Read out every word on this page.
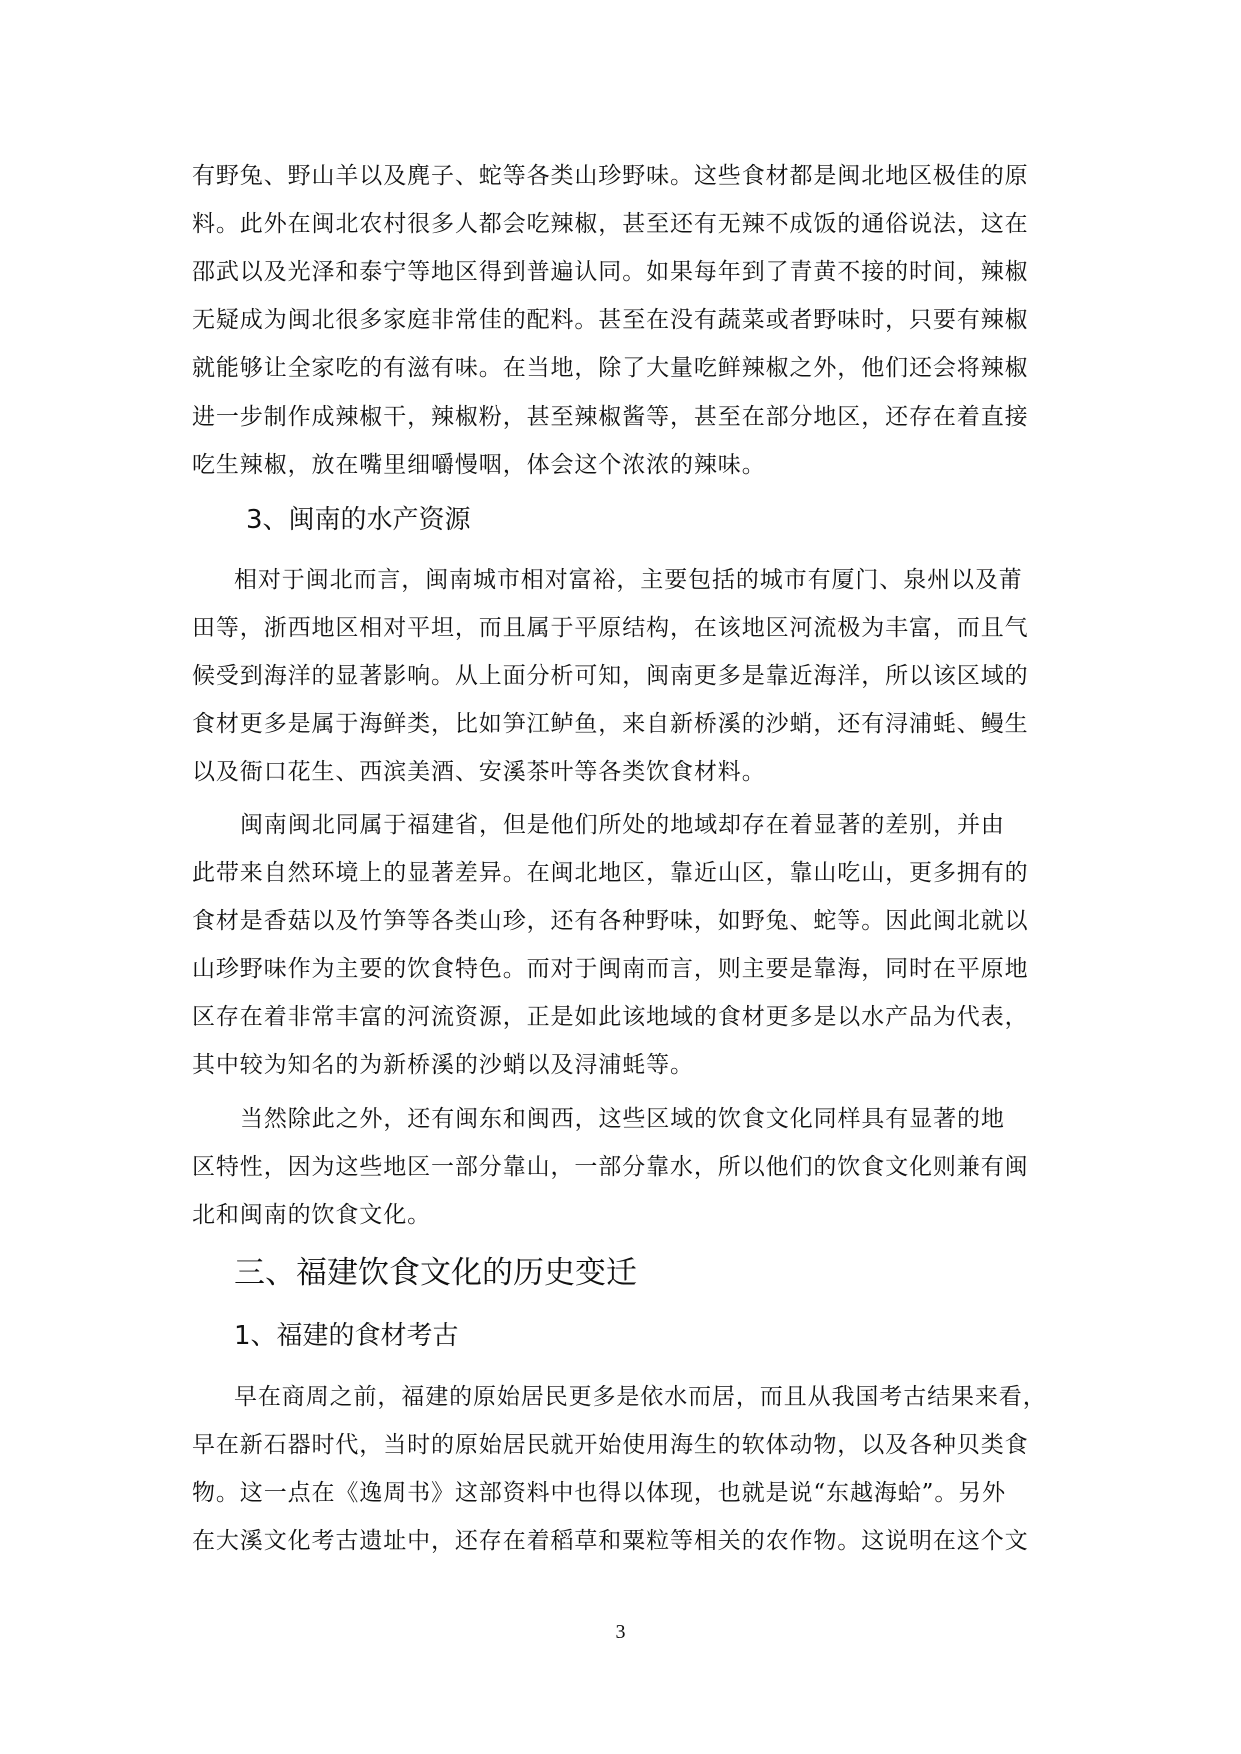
有野兔、野山羊以及麂子、蛇等各类山珍野味。这些食材都是闽北地区极佳的原
料。此外在闽北农村很多人都会吃辣椒，甚至还有无辣不成饭的通俗说法，这在
邵武以及光泽和泰宁等地区得到普遍认同。如果每年到了青黄不接的时间，辣椒
无疑成为闽北很多家庭非常佳的配料。甚至在没有蔬菜或者野味时，只要有辣椒
就能够让全家吃的有滋有味。在当地，除了大量吃鲜辣椒之外，他们还会将辣椒
进一步制作成辣椒干，辣椒粉，甚至辣椒酱等，甚至在部分地区，还存在着直接
吃生辣椒，放在嘴里细嚼慢咽，体会这个浓浓的辣味。
3、闽南的水产资源
相对于闽北而言，闽南城市相对富裕，主要包括的城市有厦门、泉州以及莆
田等，浙西地区相对平坦，而且属于平原结构，在该地区河流极为丰富，而且气
候受到海洋的显著影响。从上面分析可知，闽南更多是靠近海洋，所以该区域的
食材更多是属于海鲜类，比如笋江鲈鱼，来自新桥溪的沙蛸，还有浔浦蚝、鳗生
以及衙口花生、西滨美酒、安溪茶叶等各类饮食材料。
闽南闽北同属于福建省，但是他们所处的地域却存在着显著的差别，并由
此带来自然环境上的显著差异。在闽北地区，靠近山区，靠山吃山，更多拥有的
食材是香菇以及竹笋等各类山珍，还有各种野味，如野兔、蛇等。因此闽北就以
山珍野味作为主要的饮食特色。而对于闽南而言，则主要是靠海，同时在平原地
区存在着非常丰富的河流资源，正是如此该地域的食材更多是以水产品为代表，
其中较为知名的为新桥溪的沙蛸以及浔浦蚝等。
当然除此之外，还有闽东和闽西，这些区域的饮食文化同样具有显著的地
区特性，因为这些地区一部分靠山，一部分靠水，所以他们的饮食文化则兼有闽
北和闽南的饮食文化。
三、福建饮食文化的历史变迁
1、福建的食材考古
早在商周之前，福建的原始居民更多是依水而居，而且从我国考古结果来看，
早在新石器时代，当时的原始居民就开始使用海生的软体动物，以及各种贝类食
物。这一点在《逸周书》这部资料中也得以体现，也就是说“东越海蛤”。另外
在大溪文化考古遗址中，还存在着稻草和粟粒等相关的农作物。这说明在这个文
3
